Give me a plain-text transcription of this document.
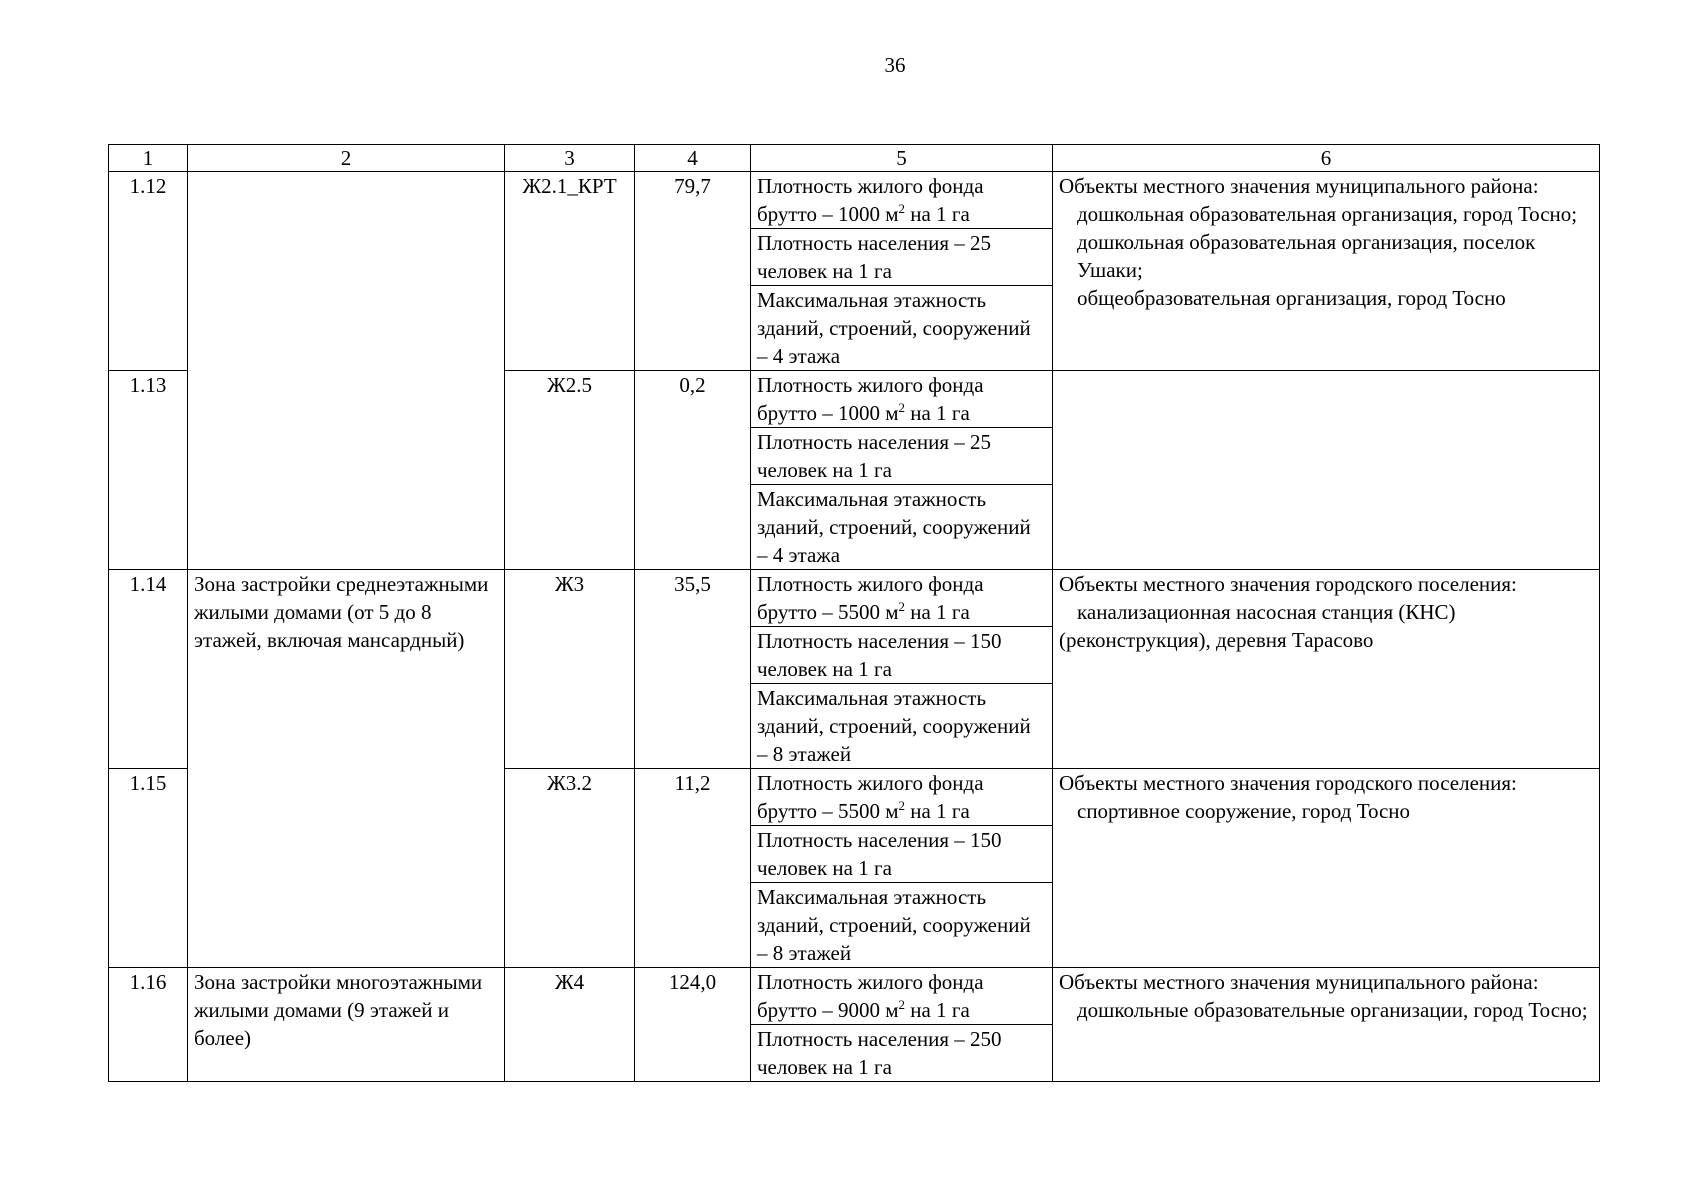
36
1	2	3	4	5	6
1.12		Ж2.1_КРТ	79,7	Плотность жилого фонда брутто – 1000 $м^2$ на 1 га	Объекты местного значения муниципального района:
дошкольная образовательная организация, город Тосно;
дошкольная образовательная организация, поселок Ушаки;
общеобразовательная организация, город Тосно

				Плотность населения – 25 человек на 1 га	
				Максимальная этажность зданий, строений, сооружений – 4 этажа	
1.13		Ж2.5	0,2	Плотность жилого фонда брутто – 1000 $м^2$ на 1 га	
				Плотность населения – 25 человек на 1 га	
				Максимальная этажность зданий, строений, сооружений – 4 этажа	
1.14	Зона застройки среднеэтажными жилыми домами (от 5 до 8 этажей, включая мансардный)	Ж3	35,5	Плотность жилого фонда брутто – 5500 $м^2$ на 1 га	Объекты местного значения городского поселения:
канализационная насосная станция (КНС) (реконструкция), деревня Тарасово

				Плотность населения – 150 человек на 1 га	
				Максимальная этажность зданий, строений, сооружений – 8 этажей	
1.15		Ж3.2	11,2	Плотность жилого фонда брутто – 5500 $м^2$ на 1 га	Объекты местного значения городского поселения:
спортивное сооружение, город Тосно

				Плотность населения – 150 человек на 1 га	
				Максимальная этажность зданий, строений, сооружений – 8 этажей	
1.16	Зона застройки многоэтажными жилыми домами (9 этажей и более)	Ж4	124,0	Плотность жилого фонда брутто – 9000 $м^2$ на 1 га	Объекты местного значения муниципального района:
дошкольные образовательные организации, город Тосно;

				Плотность населения – 250 человек на 1 га	
